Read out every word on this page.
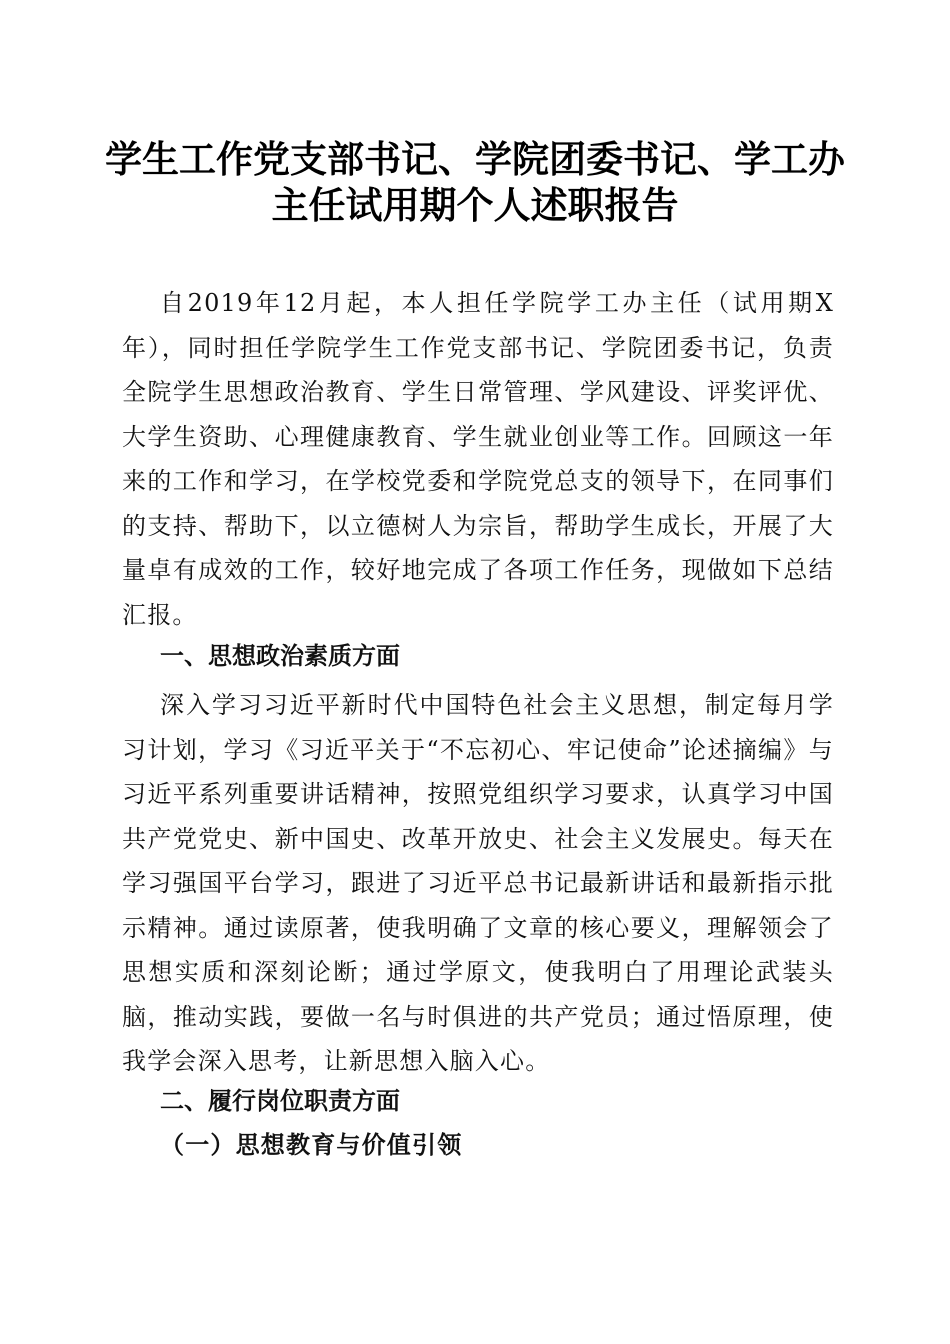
学生工作党支部书记、学院团委书记、学工办
主任试用期个人述职报告

自2019年12月起，本人担任学院学工办主任（试用期X年），同时担任学院学生工作党支部书记、学院团委书记，负责全院学生思想政治教育、学生日常管理、学风建设、评奖评优、大学生资助、心理健康教育、学生就业创业等工作。回顾这一年来的工作和学习，在学校党委和学院党总支的领导下，在同事们的支持、帮助下，以立德树人为宗旨，帮助学生成长，开展了大量卓有成效的工作，较好地完成了各项工作任务，现做如下总结汇报。

一、思想政治素质方面

深入学习习近平新时代中国特色社会主义思想，制定每月学习计划，学习《习近平关于“不忘初心、牢记使命”论述摘编》与习近平系列重要讲话精神，按照党组织学习要求，认真学习中国共产党党史、新中国史、改革开放史、社会主义发展史。每天在学习强国平台学习，跟进了习近平总书记最新讲话和最新指示批示精神。通过读原著，使我明确了文章的核心要义，理解领会了思想实质和深刻论断；通过学原文，使我明白了用理论武装头脑，推动实践，要做一名与时俱进的共产党员；通过悟原理，使我学会深入思考，让新思想入脑入心。

二、履行岗位职责方面
（一）思想教育与价值引领
